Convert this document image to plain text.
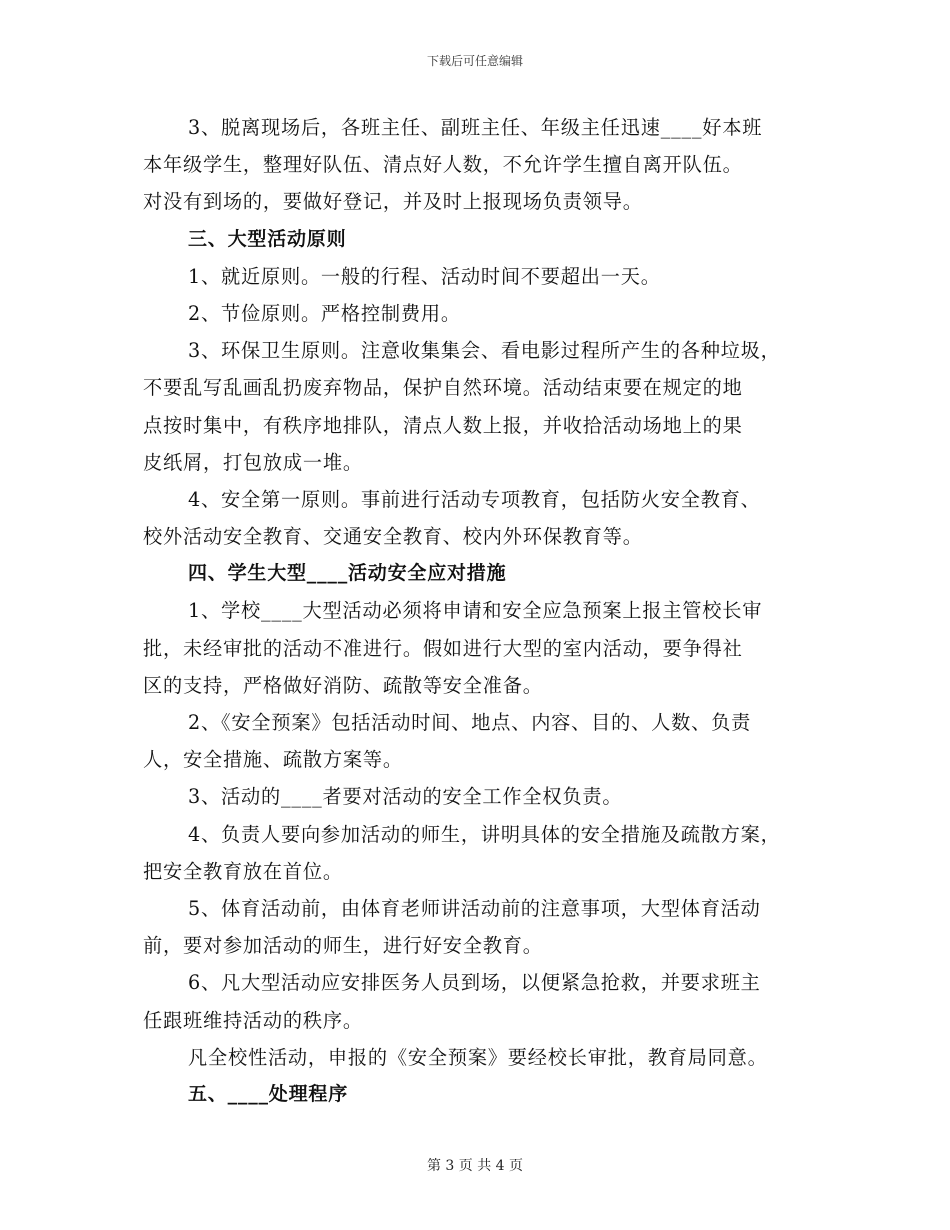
下载后可任意编辑
3、脱离现场后，各班主任、副班主任、年级主任迅速____好本班
本年级学生，整理好队伍、清点好人数，不允许学生擅自离开队伍。
对没有到场的，要做好登记，并及时上报现场负责领导。
三、大型活动原则
1、就近原则。一般的行程、活动时间不要超出一天。
2、节俭原则。严格控制费用。
3、环保卫生原则。注意收集集会、看电影过程所产生的各种垃圾，
不要乱写乱画乱扔废弃物品，保护自然环境。活动结束要在规定的地
点按时集中，有秩序地排队，清点人数上报，并收拾活动场地上的果
皮纸屑，打包放成一堆。
4、安全第一原则。事前进行活动专项教育，包括防火安全教育、
校外活动安全教育、交通安全教育、校内外环保教育等。
四、学生大型____活动安全应对措施
1、学校____大型活动必须将申请和安全应急预案上报主管校长审
批，未经审批的活动不准进行。假如进行大型的室内活动，要争得社
区的支持，严格做好消防、疏散等安全准备。
2、《安全预案》包括活动时间、地点、内容、目的、人数、负责
人，安全措施、疏散方案等。
3、活动的____者要对活动的安全工作全权负责。
4、负责人要向参加活动的师生，讲明具体的安全措施及疏散方案，
把安全教育放在首位。
5、体育活动前，由体育老师讲活动前的注意事项，大型体育活动
前，要对参加活动的师生，进行好安全教育。
6、凡大型活动应安排医务人员到场，以便紧急抢救，并要求班主
任跟班维持活动的秩序。
凡全校性活动，申报的《安全预案》要经校长审批，教育局同意。
五、____处理程序
第 3 页 共 4 页
